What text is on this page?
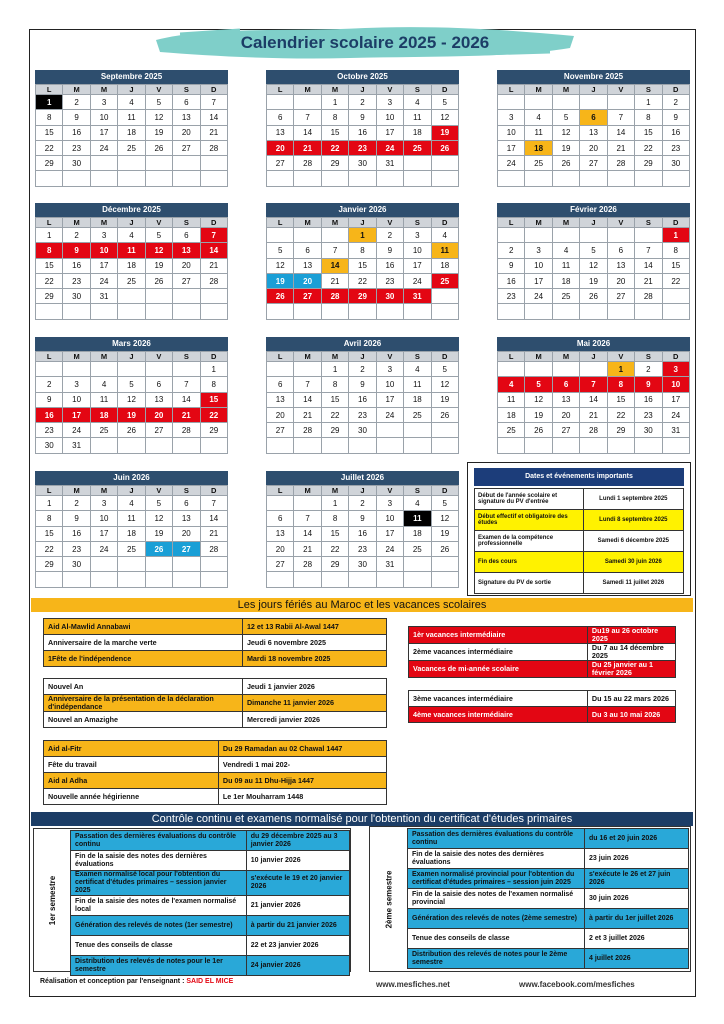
Calendrier scolaire 2025 - 2026
Septembre 2025
L	M	M	J	V	S	D
1	2	3	4	5	6	7
8	9	10	11	12	13	14
15	16	17	18	19	20	21
22	23	24	25	26	27	28
29	30					

Octobre 2025
L	M	M	J	V	S	D
		1	2	3	4	5
6	7	8	9	10	11	12
13	14	15	16	17	18	19
20	21	22	23	24	25	26
27	28	29	30	31		

Novembre 2025
L	M	M	J	V	S	D
					1	2
3	4	5	6	7	8	9
10	11	12	13	14	15	16
17	18	19	20	21	22	23
24	25	26	27	28	29	30

Décembre 2025
L	M	M	J	V	S	D
1	2	3	4	5	6	7
8	9	10	11	12	13	14
15	16	17	18	19	20	21
22	23	24	25	26	27	28
29	30	31				

Janvier 2026
L	M	M	J	V	S	D
			1	2	3	4
5	6	7	8	9	10	11
12	13	14	15	16	17	18
19	20	21	22	23	24	25
26	27	28	29	30	31	

Février 2026
L	M	M	J	V	S	D
						1
2	3	4	5	6	7	8
9	10	11	12	13	14	15
16	17	18	19	20	21	22
23	24	25	26	27	28	

Mars 2026
L	M	M	J	V	S	D
						1
2	3	4	5	6	7	8
9	10	11	12	13	14	15
16	17	18	19	20	21	22
23	24	25	26	27	28	29
30	31					
Avril 2026
L	M	M	J	V	S	D
		1	2	3	4	5
6	7	8	9	10	11	12
13	14	15	16	17	18	19
20	21	22	23	24	25	26
27	28	29	30			

Mai 2026
L	M	M	J	V	S	D
				1	2	3
4	5	6	7	8	9	10
11	12	13	14	15	16	17
18	19	20	21	22	23	24
25	26	27	28	29	30	31

Juin 2026
L	M	M	J	V	S	D
1	2	3	4	5	6	7
8	9	10	11	12	13	14
15	16	17	18	19	20	21
22	23	24	25	26	27	28
29	30					

Juillet 2026
L	M	M	J	V	S	D
		1	2	3	4	5
6	7	8	9	10	11	12
13	14	15	16	17	18	19
20	21	22	23	24	25	26
27	28	29	30	31		

Dates et événements importants
Début de l'année scolaire et signature du PV d'entrée	Lundi 1 septembre 2025
Début effectif et obligatoire des études	Lundi 8 septembre 2025
Examen de la compétence professionnelle	Samedi 6 décembre 2025
Fin des cours	Samedi 30 juin 2026
Signature du PV de sortie	Samedi 11 juillet 2026
Les jours fériés au Maroc et les vacances scolaires
Aid Al-Mawlid Annabawi	12 et 13 Rabii Al-Awal 1447
Anniversaire de la marche verte	Jeudi 6 novembre 2025
1Fête de l'indépendence	Mardi 18 novembre 2025
Nouvel An	Jeudi 1 janvier 2026
Anniversaire de la présentation de la déclaration d'indépendance	Dimanche 11 janvier 2026
Nouvel an Amazighe	Mercredi janvier 2026
Aid al-Fitr	Du 29 Ramadan au 02 Chawal 1447
Fête du travail	Vendredi 1 mai 202-
Aid al Adha	Du 09 au 11 Dhu-Hijja 1447
Nouvelle année hégirienne	Le 1er Mouharram 1448
1èr vacances intermédiaire	Du19 au 26 octobre 2025
2ème vacances intermédiaire	Du 7 au 14 décembre 2025
Vacances de mi-année scolaire	Du 25 janvier au 1 février 2026
3ème vacances intermédiaire	Du 15 au 22 mars 2026
4ème vacances intermédiaire	Du 3 au 10 mai 2026
Contrôle continu et examens normalisé pour l'obtention du certificat d'études primaires
1er semestre
Passation des dernières évaluations du contrôle continu	du 29 décembre 2025 au 3 janvier 2026
Fin de la saisie des notes des dernières évaluations	10 janvier 2026
Examen normalisé local pour l'obtention du certificat d'études primaires – session janvier 2025	s'exécute le 19 et 20 janvier 2026
Fin de la saisie des notes de l'examen normalisé local	21 janvier 2026
Génération des relevés de notes (1er semestre)	à partir du 21 janvier 2026
Tenue des conseils de classe	22 et 23 janvier 2026
Distribution des relevés de notes pour le 1er semestre	24 janvier 2026
2ème semestre
Passation des dernières évaluations du contrôle continu	du 16 et 20 juin 2026
Fin de la saisie des notes des dernières évaluations	23 juin 2026
Examen normalisé provincial pour l'obtention du certificat d'études primaires – session juin 2025	s'exécute le 26 et 27 juin 2026
Fin de la saisie des notes de l'examen normalisé provincial	30 juin 2026
Génération des relevés de notes (2ème semestre)	à partir du 1er juillet 2026
Tenue des conseils de classe	2 et 3 juillet 2026
Distribution des relevés de notes pour le 2ème semestre	4 juillet 2026
Réalisation et conception par l'enseignant : SAID EL MICE	www.mesfiches.net	www.facebook.com/mesfiches
